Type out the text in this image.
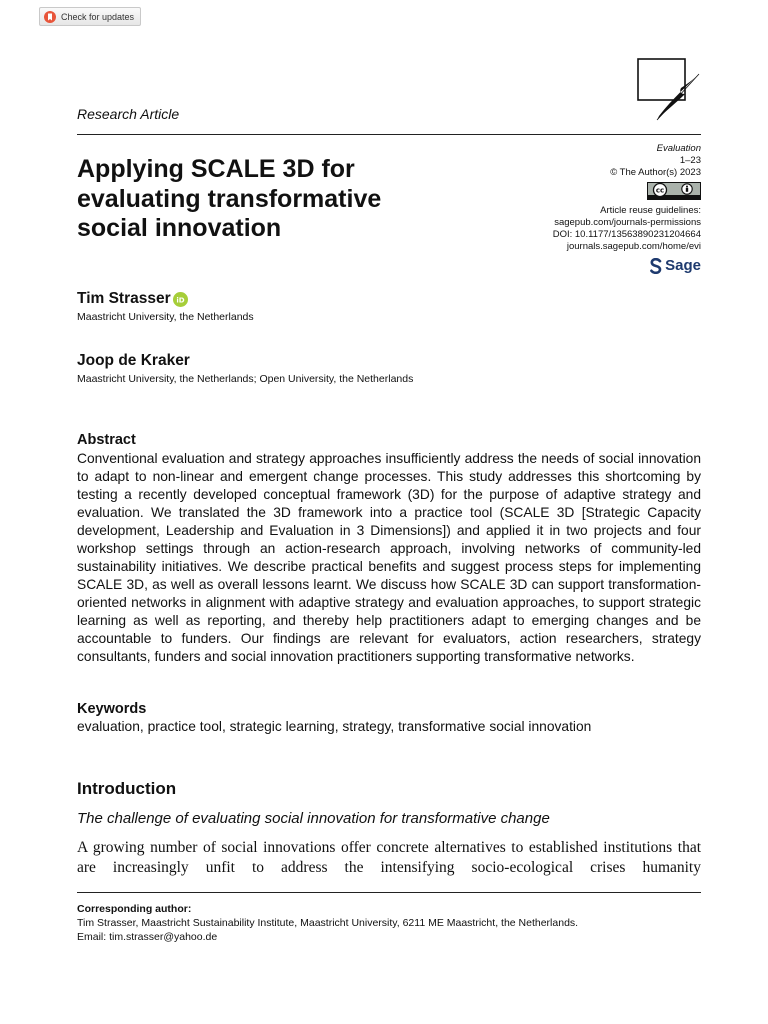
Check for updates
Research Article
Applying SCALE 3D for
evaluating transformative
social innovation
Evaluation
1–23
© The Author(s) 2023
cc
Article reuse guidelines:
sagepub.com/journals-permissions
DOI: 10.1177/13563890231204664
journals.sagepub.com/home/evi
Sage
Tim Strasser iD
Maastricht University, the Netherlands
Joop de Kraker
Maastricht University, the Netherlands; Open University, the Netherlands
Abstract

Conventional evaluation and strategy approaches insufficiently address the needs of social innovation to adapt to non-linear and emergent change processes. This study addresses this shortcoming by testing a recently developed conceptual framework (3D) for the purpose of adaptive strategy and evaluation. We translated the 3D framework into a practice tool (SCALE 3D [Strategic Capacity development, Leadership and Evaluation in 3 Dimensions]) and applied it in two projects and four workshop settings through an action-research approach, involving networks of community-led sustainability initiatives. We describe practical benefits and suggest process steps for implementing SCALE 3D, as well as overall lessons learnt. We discuss how SCALE 3D can support transformation-oriented networks in alignment with adaptive strategy and evaluation approaches, to support strategic learning as well as reporting, and thereby help practitioners adapt to emerging changes and be accountable to funders. Our findings are relevant for evaluators, action researchers, strategy consultants, funders and social innovation practitioners supporting transformative networks.

Keywords
evaluation, practice tool, strategic learning, strategy, transformative social innovation
Introduction
The challenge of evaluating social innovation for transformative change

A growing number of social innovations offer concrete alternatives to established institutions that are increasingly unfit to address the intensifying socio-ecological crises humanity

Corresponding author:
Tim Strasser, Maastricht Sustainability Institute, Maastricht University, 6211 ME Maastricht, the Netherlands.
Email: tim.strasser@yahoo.de
